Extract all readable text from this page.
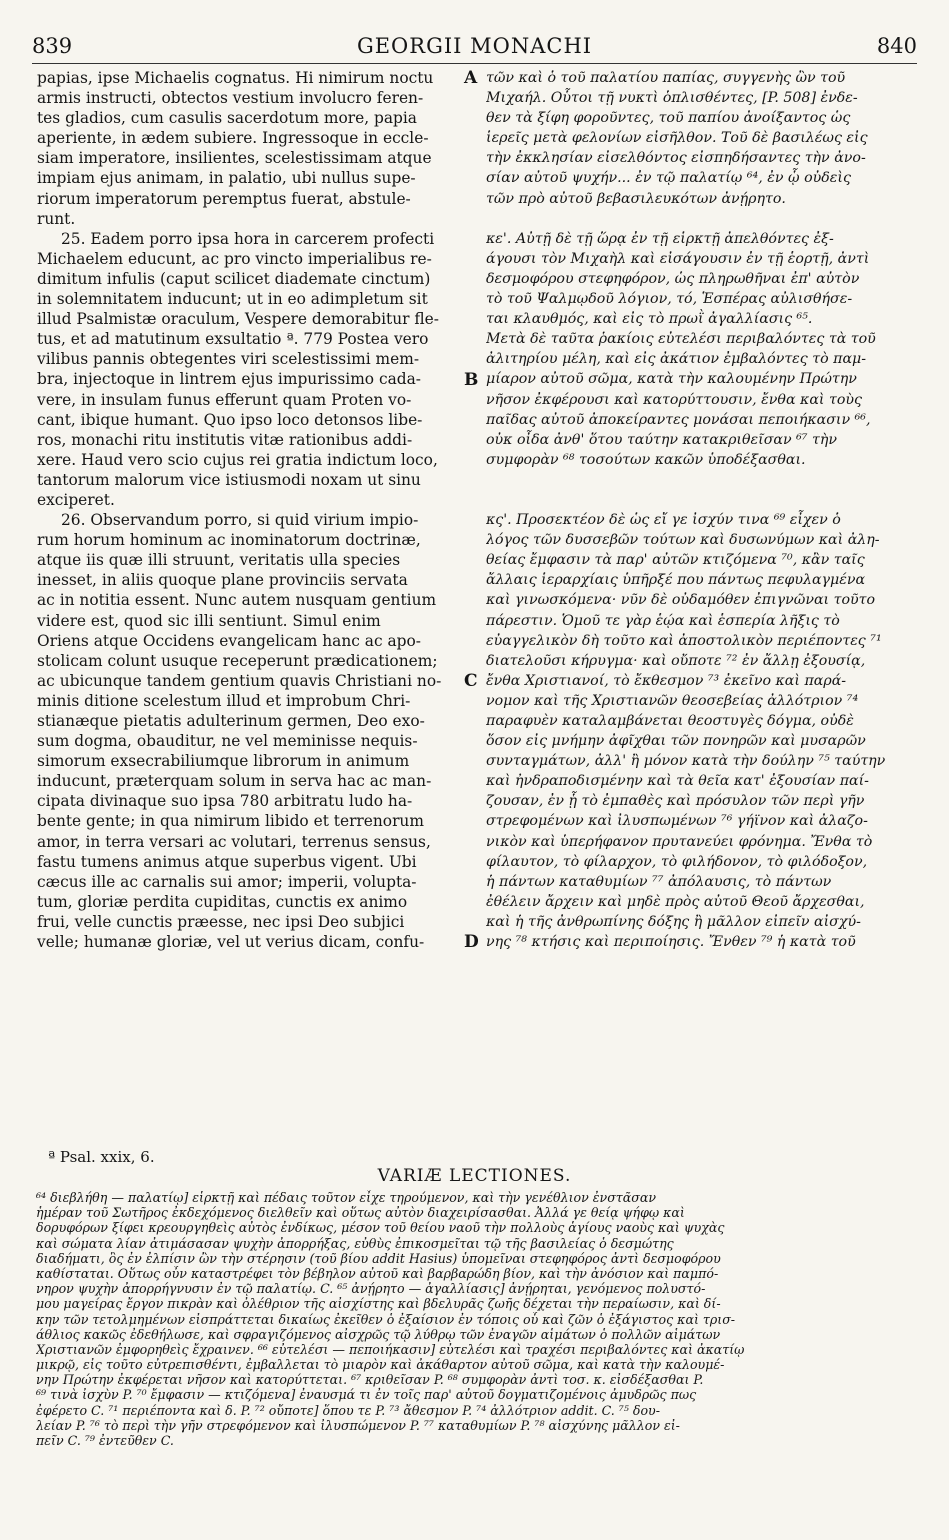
839	GEORGII MONACHI	840
papias, ipse Michaelis cognatus. Hi nimirum noctu
armis instructi, obtectos vestium involucro feren-
tes gladios, cum casulis sacerdotum more, papia
aperiente, in ædem subiere. Ingressoque in eccle-
siam imperatore, insilientes, scelestissimam atque
impiam ejus animam, in palatio, ubi nullus supe-
riorum imperatorum peremptus fuerat, abstule-
runt.
25. Eadem porro ipsa hora in carcerem profecti
Michaelem educunt, ac pro vincto imperialibus re-
dimitum infulis (caput scilicet diademate cinctum)
in solemnitatem inducunt; ut in eo adimpletum sit
illud Psalmistæ oraculum, Vespere demorabitur fle-
tus, et ad matutinum exsultatio ª. 779 Postea vero
vilibus pannis obtegentes viri scelestissimi mem-
bra, injectoque in lintrem ejus impurissimo cada-
vere, in insulam funus efferunt quam Proten vo-
cant, ibique humant. Quo ipso loco detonsos libe-
ros, monachi ritu institutis vitæ rationibus addi-
xere. Haud vero scio cujus rei gratia indictum loco,
tantorum malorum vice istiusmodi noxam ut sinu
exciperet.
26. Observandum porro, si quid virium impio-
rum horum hominum ac inominatorum doctrinæ,
atque iis quæ illi struunt, veritatis ulla species
inesset, in aliis quoque plane provinciis servata
ac in notitia essent. Nunc autem nusquam gentium
videre est, quod sic illi sentiunt. Simul enim
Oriens atque Occidens evangelicam hanc ac apo-
stolicam colunt usuque receperunt prædicationem;
ac ubicunque tandem gentium quavis Christiani no-
minis ditione scelestum illud et improbum Chri-
stianæque pietatis adulterinum germen, Deo exo-
sum dogma, obauditur, ne vel meminisse nequis-
simorum exsecrabiliumque librorum in animum
inducunt, præterquam solum in serva hac ac man-
cipata divinaque suo ipsa 780 arbitratu ludo ha-
bente gente; in qua nimirum libido et terrenorum
amor, in terra versari ac volutari, terrenus sensus,
fastu tumens animus atque superbus vigent. Ubi
cæcus ille ac carnalis sui amor; imperii, volupta-
tum, gloriæ perdita cupiditas, cunctis ex animo
frui, velle cunctis præesse, nec ipsi Deo subjici
velle; humanæ gloriæ, vel ut verius dicam, confu-
A
B
C
D
τῶν καὶ ὁ τοῦ παλατίου παπίας, συγγενὴς ὢν τοῦ
Μιχαήλ. Οὗτοι τῇ νυκτὶ ὁπλισθέντες, [P. 508] ἐνδε-
θεν τὰ ξίφη φοροῦντες, τοῦ παπίου ἀνοίξαντος ὡς
ἱερεῖς μετὰ φελονίων εἰσῆλθον. Τοῦ δὲ βασιλέως εἰς
τὴν ἐκκλησίαν εἰσελθόντος εἰσπηδήσαντες τὴν ἀνο-
σίαν αὐτοῦ ψυχήν... ἐν τῷ παλατίῳ ⁶⁴, ἐν ᾧ οὐδεὶς
τῶν πρὸ αὐτοῦ βεβασιλευκότων ἀνῄρητο.
κε'. Αὐτῇ δὲ τῇ ὥρᾳ ἐν τῇ εἱρκτῇ ἀπελθόντες ἐξ-
άγουσι τὸν Μιχαὴλ καὶ εἰσάγουσιν ἐν τῇ ἑορτῇ, ἀντὶ
δεσμοφόρου στεφηφόρον, ὡς πληρωθῆναι ἐπ' αὐτὸν
τὸ τοῦ Ψαλμῳδοῦ λόγιον, τό, Ἑσπέρας αὐλισθήσε-
ται κλαυθμός, καὶ εἰς τὸ πρωῒ ἀγαλλίασις ⁶⁵.
Μετὰ δὲ ταῦτα ῥακίοις εὐτελέσι περιβαλόντες τὰ τοῦ
ἀλιτηρίου μέλη, καὶ εἰς ἀκάτιον ἐμβαλόντες τὸ παμ-
μίαρον αὐτοῦ σῶμα, κατὰ τὴν καλουμένην Πρώτην
νῆσον ἐκφέρουσι καὶ κατορύττουσιν, ἔνθα καὶ τοὺς
παῖδας αὐτοῦ ἀποκείραντες μονάσαι πεποιήκασιν ⁶⁶,
οὐκ οἶδα ἀνθ' ὅτου ταύτην κατακριθεῖσαν ⁶⁷ τὴν
συμφορὰν ⁶⁸ τοσούτων κακῶν ὑποδέξασθαι.
κς'. Προσεκτέον δὲ ὡς εἴ γε ἰσχύν τινα ⁶⁹ εἶχεν ὁ
λόγος τῶν δυσσεβῶν τούτων καὶ δυσωνύμων καὶ ἀλη-
θείας ἔμφασιν τὰ παρ' αὐτῶν κτιζόμενα ⁷⁰, κἂν ταῖς
ἄλλαις ἱεραρχίαις ὑπῆρξέ που πάντως πεφυλαγμένα
καὶ γινωσκόμενα· νῦν δὲ οὐδαμόθεν ἐπιγνῶναι τοῦτο
πάρεστιν. Ὁμοῦ τε γὰρ ἑῴα καὶ ἑσπερία λῆξις τὸ
εὐαγγελικὸν δὴ τοῦτο καὶ ἀποστολικὸν περιέποντες ⁷¹
διατελοῦσι κήρυγμα· καὶ οὔποτε ⁷² ἐν ἄλλῃ ἐξουσίᾳ,
ἔνθα Χριστιανοί, τὸ ἔκθεσμον ⁷³ ἐκεῖνο καὶ παρά-
νομον καὶ τῆς Χριστιανῶν θεοσεβείας ἀλλότριον ⁷⁴
παραφυὲν καταλαμβάνεται θεοστυγὲς δόγμα, οὐδὲ
ὅσον εἰς μνήμην ἀφῖχθαι τῶν πονηρῶν καὶ μυσαρῶν
συνταγμάτων, ἀλλ' ἢ μόνον κατὰ τὴν δούλην ⁷⁵ ταύτην
καὶ ἠνδραποδισμένην καὶ τὰ θεῖα κατ' ἐξουσίαν παί-
ζουσαν, ἐν ᾗ τὸ ἐμπαθὲς καὶ πρόσυλον τῶν περὶ γῆν
στρεφομένων καὶ ἰλυσπωμένων ⁷⁶ γήϊνον καὶ ἀλαζο-
νικὸν καὶ ὑπερήφανον πρυτανεύει φρόνημα. Ἔνθα τὸ
φίλαυτον, τὸ φίλαρχον, τὸ φιλήδονον, τὸ φιλόδοξον,
ἡ πάντων καταθυμίων ⁷⁷ ἀπόλαυσις, τὸ πάντων
ἐθέλειν ἄρχειν καὶ μηδὲ πρὸς αὐτοῦ Θεοῦ ἄρχεσθαι,
καὶ ἡ τῆς ἀνθρωπίνης δόξης ἢ μᾶλλον εἰπεῖν αἰσχύ-
νης ⁷⁸ κτήσις καὶ περιποίησις. Ἔνθεν ⁷⁹ ἡ κατὰ τοῦ
ª Psal. xxix, 6.
VARIÆ LECTIONES.
⁶⁴ διεβλήθη — παλατίῳ] εἱρκτῇ καὶ πέδαις τοῦτον εἶχε τηρούμενον, καὶ τὴν γενέθλιον ἐνστᾶσαν
ἡμέραν τοῦ Σωτῆρος ἐκδεχόμενος διελθεῖν καὶ οὕτως αὐτὸν διαχειρίσασθαι. Ἀλλά γε θείᾳ ψήφῳ καὶ
δορυφόρων ξίφει κρεουργηθεὶς αὐτὸς ἐνδίκως, μέσον τοῦ θείου ναοῦ τὴν πολλοὺς ἁγίους ναοὺς καὶ ψυχὰς
καὶ σώματα λίαν ἀτιμάσασαν ψυχὴν ἀπορρήξας, εὐθὺς ἐπικοσμεῖται τῷ τῆς βασιλείας ὁ δεσμώτης
διαδήματι, ὃς ἐν ἐλπίσιν ὢν τὴν στέρησιν (τοῦ βίου addit Hasius) ὑπομεῖναι στεφηφόρος ἀντὶ δεσμοφόρου
καθίσταται. Οὕτως οὖν καταστρέφει τὸν βέβηλον αὐτοῦ καὶ βαρβαρώδη βίον, καὶ τὴν ἀνόσιον καὶ παμπό-
νηρον ψυχὴν ἀπορρήγνυσιν ἐν τῷ παλατίῳ. C. ⁶⁵ ἀνῄρητο — ἀγαλλίασις] ἀνῄρηται, γενόμενος πολυστό-
μου μαγείρας ἔργον πικρὰν καὶ ὀλέθριον τῆς αἰσχίστης καὶ βδελυρᾶς ζωῆς δέχεται τὴν περαίωσιν, καὶ δί-
κην τῶν τετολμημένων εἰσπράττεται δικαίως ἐκεῖθεν ὁ ἐξαίσιον ἐν τόποις οὗ καὶ ζῶν ὁ ἐξάγιστος καὶ τρισ-
άθλιος κακῶς ἐδεθήλωσε, καὶ σφραγιζόμενος αἰσχρῶς τῷ λύθρῳ τῶν ἐναγῶν αἱμάτων ὁ πολλῶν αἱμάτων
Χριστιανῶν ἐμφορηθεὶς ἔχραινεν. ⁶⁶ εὐτελέσι — πεποιήκασιν] εὐτελέσι καὶ τραχέσι περιβαλόντες καὶ ἀκατίῳ
μικρῷ, εἰς τοῦτο εὐτρεπισθέντι, ἐμβαλλεται τὸ μιαρὸν καὶ ἀκάθαρτον αὐτοῦ σῶμα, καὶ κατὰ τὴν καλουμέ-
νην Πρώτην ἐκφέρεται νῆσον καὶ κατορύττεται. ⁶⁷ κριθεῖσαν P. ⁶⁸ συμφορὰν ἀντὶ τοσ. κ. εἰσδέξασθαι P.
⁶⁹ τινὰ ἰσχὺν P. ⁷⁰ ἔμφασιν — κτιζόμενα] ἐναυσμά τι ἐν τοῖς παρ' αὐτοῦ δογματιζομένοις ἀμυδρῶς πως
ἐφέρετο C. ⁷¹ περιέποντα καὶ δ. P. ⁷² οὔποτε] ὅπου τε P. ⁷³ ἄθεσμον P. ⁷⁴ ἀλλότριον addit. C. ⁷⁵ δου-
λείαν P. ⁷⁶ τὸ περὶ τὴν γῆν στρεφόμενον καὶ ἰλυσπώμενον P. ⁷⁷ καταθυμίων P. ⁷⁸ αἰσχύνης μᾶλλον εἰ-
πεῖν C. ⁷⁹ ἐντεῦθεν C.
